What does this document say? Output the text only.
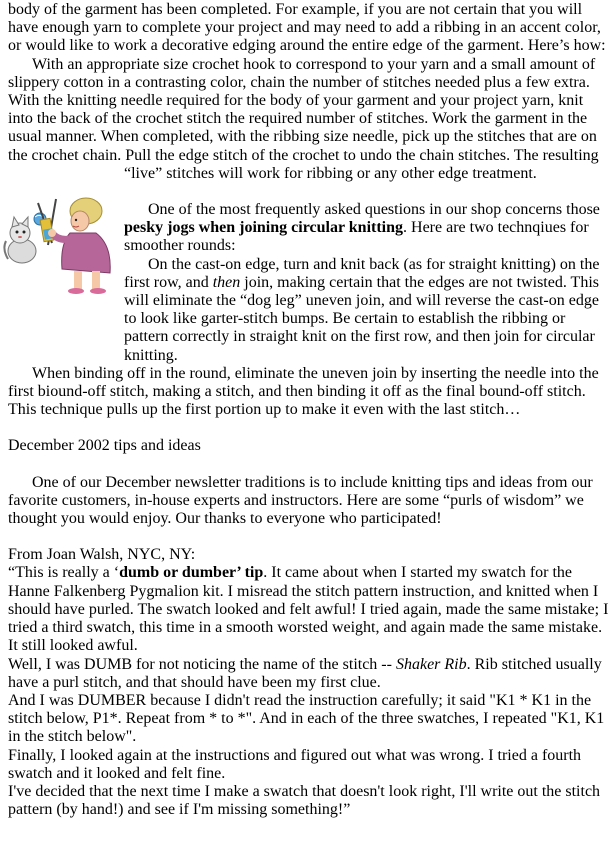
body of the garment has been completed. For example, if you are not certain that you will have enough yarn to complete your project and may need to add a ribbing in an accent color, or would like to work a decorative edging around the entire edge of the garment. Here’s how:

With an appropriate size crochet hook to correspond to your yarn and a small amount of slippery cotton in a contrasting color, chain the number of stitches needed plus a few extra. With the knitting needle required for the body of your garment and your project yarn, knit into the back of the crochet stitch the required number of stitches. Work the garment in the usual manner. When completed, with the ribbing size needle, pick up the stitches that are on the crochet chain. Pull the edge stitch of the crochet to undo the chain stitches. The resulting

“live” stitches will work for ribbing or any other edge treatment.

One of the most frequently asked questions in our shop concerns those pesky jogs when joining circular knitting. Here are two technqiues for smoother rounds:

On the cast-on edge, turn and knit back (as for straight knitting) on the first row, and then join, making certain that the edges are not twisted. This will eliminate the “dog leg” uneven join, and will reverse the cast-on edge to look like garter-stitch bumps. Be certain to establish the ribbing or pattern correctly in straight knit on the first row, and then join for circular knitting.

When binding off in the round, eliminate the uneven join by inserting the needle into the first biound-off stitch, making a stitch, and then binding it off as the final bound-off stitch. This technique pulls up the first portion up to make it even with the last stitch…

December 2002 tips and ideas

One of our December newsletter traditions is to include knitting tips and ideas from our favorite customers, in-house experts and instructors. Here are some “purls of wisdom” we thought you would enjoy. Our thanks to everyone who participated!

From Joan Walsh, NYC, NY:

“This is really a ‘dumb or dumber’ tip. It came about when I started my swatch for the Hanne Falkenberg Pygmalion kit. I misread the stitch pattern instruction, and knitted when I should have purled. The swatch looked and felt awful! I tried again, made the same mistake; I tried a third swatch, this time in a smooth worsted weight, and again made the same mistake. It still looked awful.

Well, I was DUMB for not noticing the name of the stitch -- Shaker Rib. Rib stitched usually have a purl stitch, and that should have been my first clue.

And I was DUMBER because I didn't read the instruction carefully; it said "K1 * K1 in the stitch below, P1*. Repeat from * to *". And in each of the three swatches, I repeated "K1, K1 in the stitch below".

Finally, I looked again at the instructions and figured out what was wrong. I tried a fourth swatch and it looked and felt fine.

I've decided that the next time I make a swatch that doesn't look right, I'll write out the stitch pattern (by hand!) and see if I'm missing something!”
